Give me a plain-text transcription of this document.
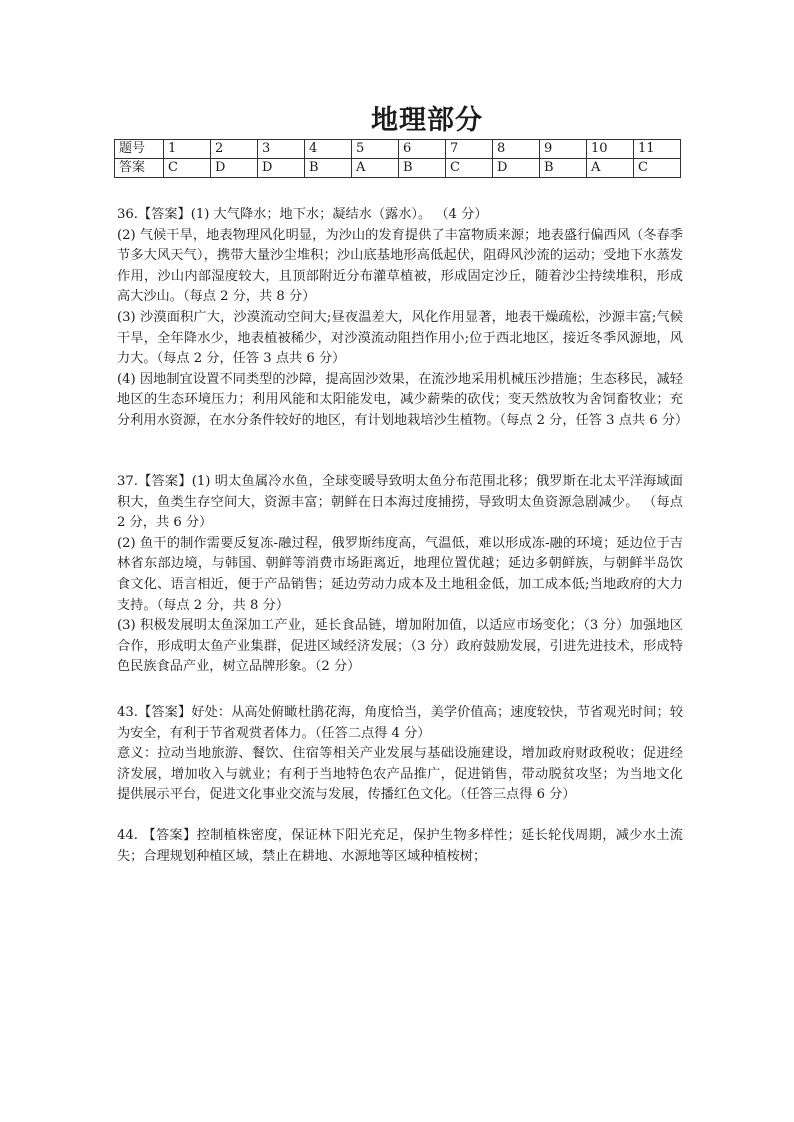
地理部分
题号	1	2	3	4	5	6	7	8	9	10	11
答案	C	D	D	B	A	B	C	D	B	A	C

36.【答案】(1) 大气降水；地下水；凝结水（露水）。 （4 分）

(2) 气候干旱，地表物理风化明显，为沙山的发育提供了丰富物质来源；地表盛行偏西风（冬春季节多大风天气），携带大量沙尘堆积；沙山底基地形高低起伏，阻碍风沙流的运动；受地下水蒸发作用，沙山内部湿度较大，且顶部附近分布灌草植被，形成固定沙丘，随着沙尘持续堆积，形成高大沙山。（每点 2 分，共 8 分）

(3) 沙漠面积广大，沙漠流动空间大;昼夜温差大，风化作用显著，地表干燥疏松，沙源丰富;气候干旱，全年降水少，地表植被稀少，对沙漠流动阻挡作用小;位于西北地区，接近冬季风源地，风力大。（每点 2 分，任答 3 点共 6 分）

(4) 因地制宜设置不同类型的沙障，提高固沙效果，在流沙地采用机械压沙措施；生态移民，减轻地区的生态环境压力；利用风能和太阳能发电，减少薪柴的砍伐；变天然放牧为舍饲畜牧业；充分利用水资源，在水分条件较好的地区，有计划地栽培沙生植物。（每点 2 分，任答 3 点共 6 分）

37.【答案】(1) 明太鱼属冷水鱼，全球变暖导致明太鱼分布范围北移；俄罗斯在北太平洋海域面积大，鱼类生存空间大，资源丰富；朝鲜在日本海过度捕捞，导致明太鱼资源急剧减少。 （每点 2 分，共 6 分）

(2) 鱼干的制作需要反复冻-融过程，俄罗斯纬度高，气温低，难以形成冻-融的环境；延边位于吉林省东部边境，与韩国、朝鲜等消费市场距离近，地理位置优越；延边多朝鲜族，与朝鲜半岛饮食文化、语言相近，便于产品销售；延边劳动力成本及土地租金低，加工成本低;当地政府的大力支持。（每点 2 分，共 8 分）

(3) 积极发展明太鱼深加工产业，延长食品链，增加附加值，以适应市场变化；（3 分）加强地区合作，形成明太鱼产业集群，促进区域经济发展；（3 分）政府鼓励发展，引进先进技术，形成特色民族食品产业，树立品牌形象。（2 分）

43.【答案】好处：从高处俯瞰杜鹃花海，角度恰当，美学价值高；速度较快，节省观光时间；较为安全，有利于节省观赏者体力。（任答二点得 4 分）

意义：拉动当地旅游、餐饮、住宿等相关产业发展与基础设施建设，增加政府财政税收；促进经济发展，增加收入与就业；有利于当地特色农产品推广，促进销售，带动脱贫攻坚；为当地文化提供展示平台，促进文化事业交流与发展，传播红色文化。（任答三点得 6 分）

44. 【答案】控制植株密度，保证林下阳光充足，保护生物多样性；延长轮伐周期，减少水土流失；合理规划种植区域，禁止在耕地、水源地等区域种植桉树；
